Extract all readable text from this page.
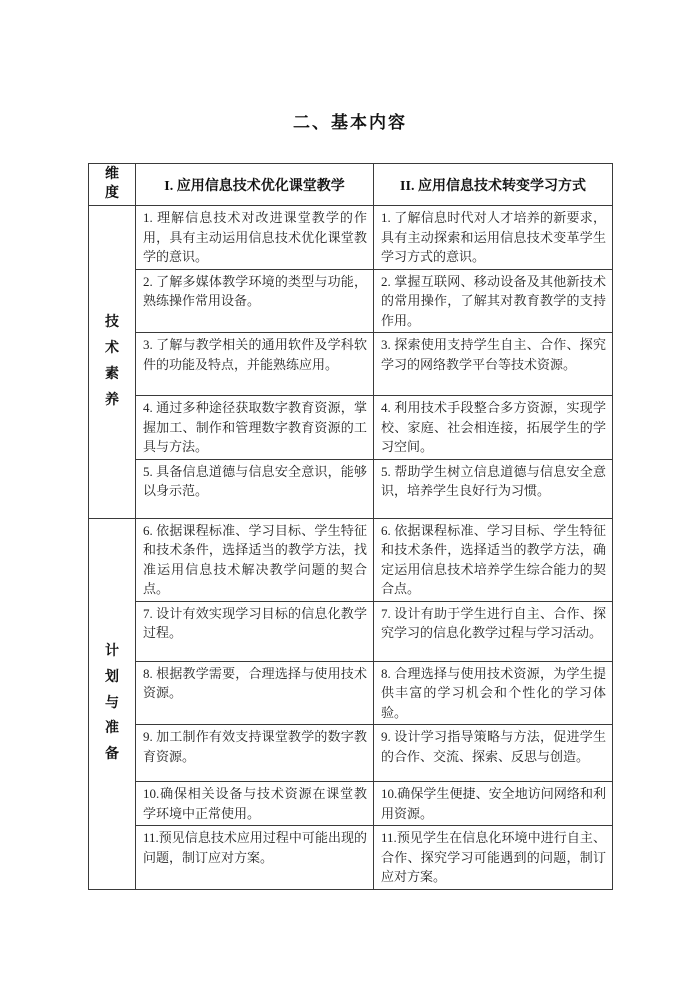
二、基本内容
维度	I. 应用信息技术优化课堂教学	II. 应用信息技术转变学习方式
技术素养	1. 理解信息技术对改进课堂教学的作用，具有主动运用信息技术优化课堂教学的意识。	1. 了解信息时代对人才培养的新要求，具有主动探索和运用信息技术变革学生学习方式的意识。
	2. 了解多媒体教学环境的类型与功能，熟练操作常用设备。	2. 掌握互联网、移动设备及其他新技术的常用操作，了解其对教育教学的支持作用。
	3. 了解与教学相关的通用软件及学科软件的功能及特点，并能熟练应用。	3. 探索使用支持学生自主、合作、探究学习的网络教学平台等技术资源。
	4. 通过多种途径获取数字教育资源，掌握加工、制作和管理数字教育资源的工具与方法。	4. 利用技术手段整合多方资源，实现学校、家庭、社会相连接，拓展学生的学习空间。
	5. 具备信息道德与信息安全意识，能够以身示范。	5. 帮助学生树立信息道德与信息安全意识，培养学生良好行为习惯。
计划与准备	6. 依据课程标准、学习目标、学生特征和技术条件，选择适当的教学方法，找准运用信息技术解决教学问题的契合点。	6. 依据课程标准、学习目标、学生特征和技术条件，选择适当的教学方法，确定运用信息技术培养学生综合能力的契合点。
	7. 设计有效实现学习目标的信息化教学过程。	7. 设计有助于学生进行自主、合作、探究学习的信息化教学过程与学习活动。
	8. 根据教学需要，合理选择与使用技术资源。	8. 合理选择与使用技术资源，为学生提供丰富的学习机会和个性化的学习体验。
	9. 加工制作有效支持课堂教学的数字教育资源。	9. 设计学习指导策略与方法，促进学生的合作、交流、探索、反思与创造。
	10.确保相关设备与技术资源在课堂教学环境中正常使用。	10.确保学生便捷、安全地访问网络和利用资源。
	11.预见信息技术应用过程中可能出现的问题，制订应对方案。	11.预见学生在信息化环境中进行自主、合作、探究学习可能遇到的问题，制订应对方案。
